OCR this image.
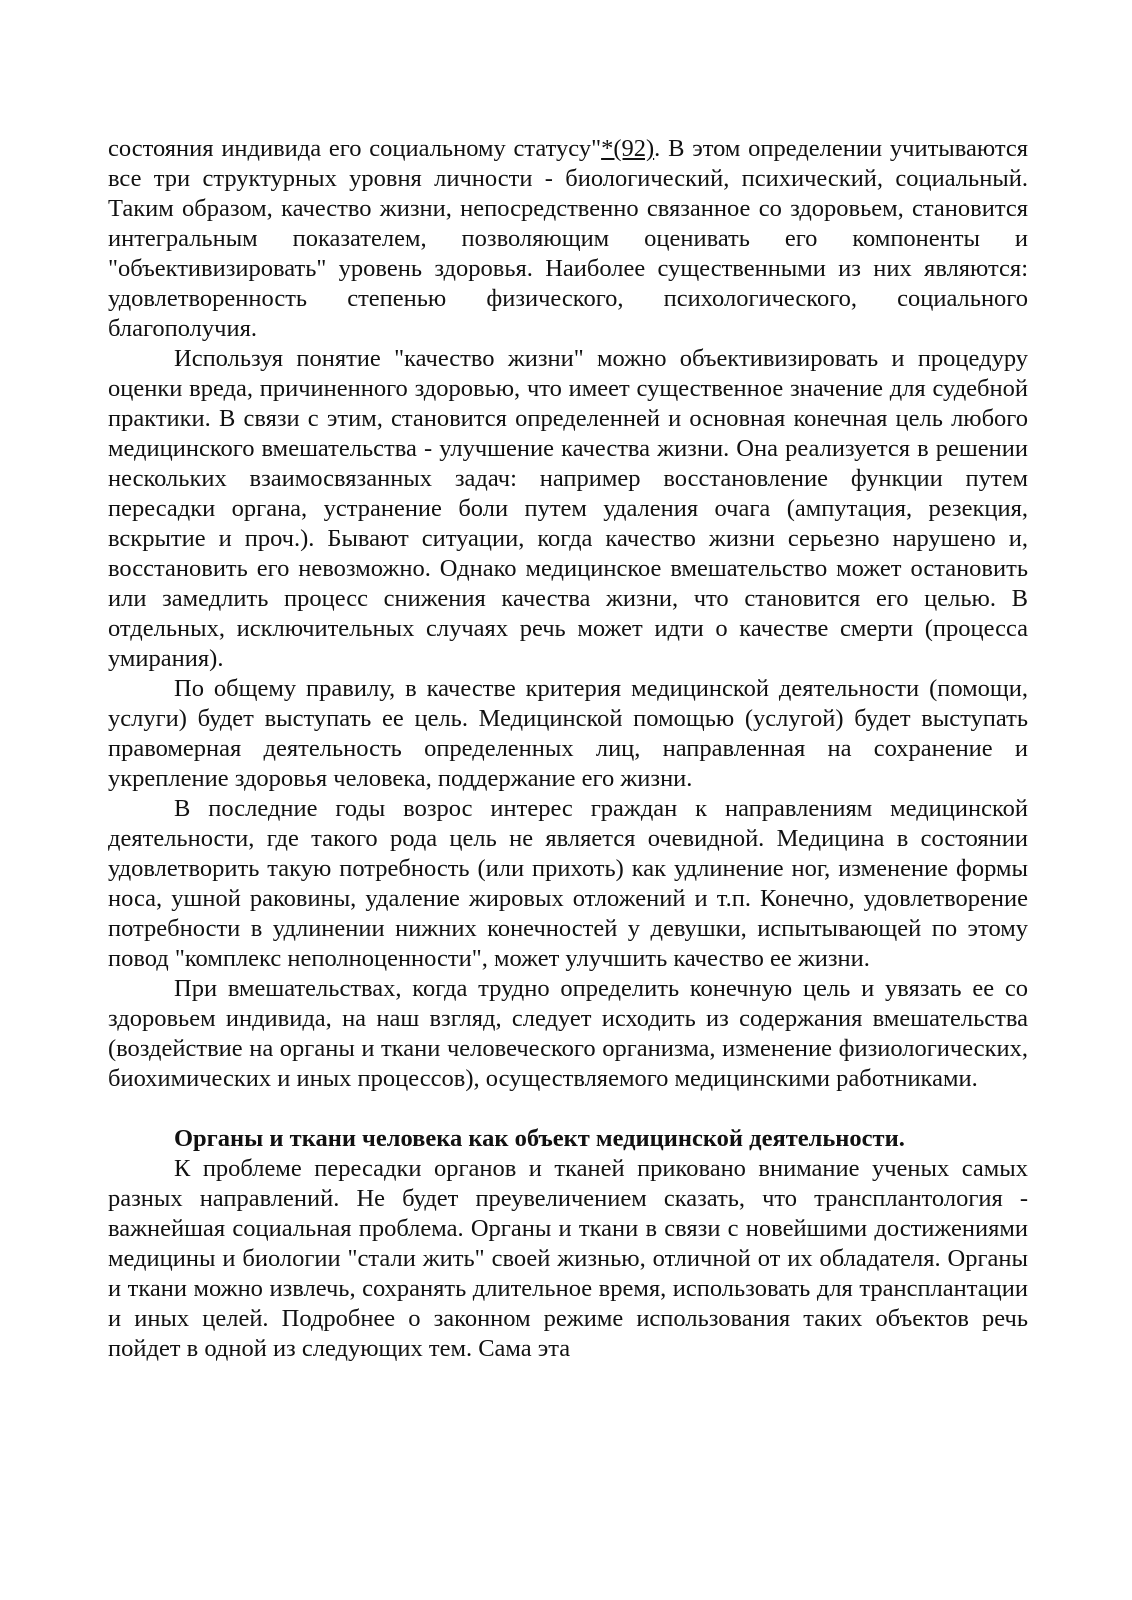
состояния индивида его социальному статусу"*(92). В этом определении учитываются все три структурных уровня личности - биологический, психический, социальный. Таким образом, качество жизни, непосредственно связанное со здоровьем, становится интегральным показателем, позволяющим оценивать его компоненты и "объективизировать" уровень здоровья. Наиболее существенными из них являются: удовлетворенность степенью физического, психологического, социального благополучия.

Используя понятие "качество жизни" можно объективизировать и процедуру оценки вреда, причиненного здоровью, что имеет существенное значение для судебной практики. В связи с этим, становится определенней и основная конечная цель любого медицинского вмешательства - улучшение качества жизни. Она реализуется в решении нескольких взаимосвязанных задач: например восстановление функции путем пересадки органа, устранение боли путем удаления очага (ампутация, резекция, вскрытие и проч.). Бывают ситуации, когда качество жизни серьезно нарушено и, восстановить его невозможно. Однако медицинское вмешательство может остановить или замедлить процесс снижения качества жизни, что становится его целью. В отдельных, исключительных случаях речь может идти о качестве смерти (процесса умирания).

По общему правилу, в качестве критерия медицинской деятельности (помощи, услуги) будет выступать ее цель. Медицинской помощью (услугой) будет выступать правомерная деятельность определенных лиц, направленная на сохранение и укрепление здоровья человека, поддержание его жизни.

В последние годы возрос интерес граждан к направлениям медицинской деятельности, где такого рода цель не является очевидной. Медицина в состоянии удовлетворить такую потребность (или прихоть) как удлинение ног, изменение формы носа, ушной раковины, удаление жировых отложений и т.п. Конечно, удовлетворение потребности в удлинении нижних конечностей у девушки, испытывающей по этому повод "комплекс неполноценности", может улучшить качество ее жизни.

При вмешательствах, когда трудно определить конечную цель и увязать ее со здоровьем индивида, на наш взгляд, следует исходить из содержания вмешательства (воздействие на органы и ткани человеческого организма, изменение физиологических, биохимических и иных процессов), осуществляемого медицинскими работниками.

Органы и ткани человека как объект медицинской деятельности.

К проблеме пересадки органов и тканей приковано внимание ученых самых разных направлений. Не будет преувеличением сказать, что трансплантология - важнейшая социальная проблема. Органы и ткани в связи с новейшими достижениями медицины и биологии "стали жить" своей жизнью, отличной от их обладателя. Органы и ткани можно извлечь, сохранять длительное время, использовать для трансплантации и иных целей. Подробнее о законном режиме использования таких объектов речь пойдет в одной из следующих тем. Сама эта
